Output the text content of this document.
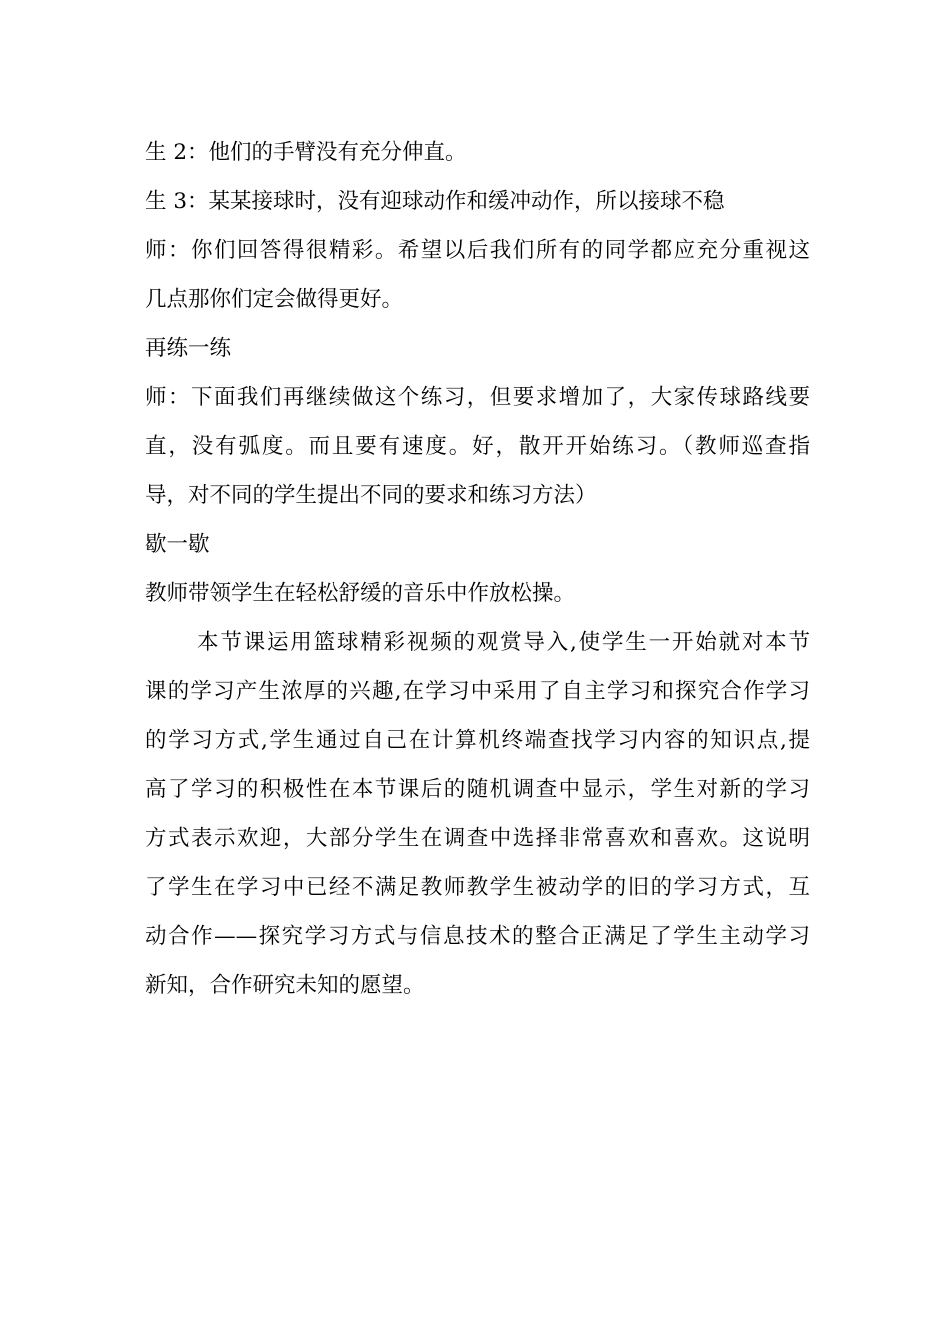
生 2：他们的手臂没有充分伸直。
生 3：某某接球时，没有迎球动作和缓冲动作，所以接球不稳
师：你们回答得很精彩。希望以后我们所有的同学都应充分重视这
几点那你们定会做得更好。
再练一练
师：下面我们再继续做这个练习，但要求增加了，大家传球路线要
直，没有弧度。而且要有速度。好，散开开始练习。（教师巡查指
导，对不同的学生提出不同的要求和练习方法）
歇一歇
教师带领学生在轻松舒缓的音乐中作放松操。
本节课运用篮球精彩视频的观赏导入,使学生一开始就对本节
课的学习产生浓厚的兴趣,在学习中采用了自主学习和探究合作学习
的学习方式,学生通过自己在计算机终端查找学习内容的知识点,提
高了学习的积极性在本节课后的随机调查中显示，学生对新的学习
方式表示欢迎，大部分学生在调查中选择非常喜欢和喜欢。这说明
了学生在学习中已经不满足教师教学生被动学的旧的学习方式，互
动合作——探究学习方式与信息技术的整合正满足了学生主动学习
新知，合作研究未知的愿望。
